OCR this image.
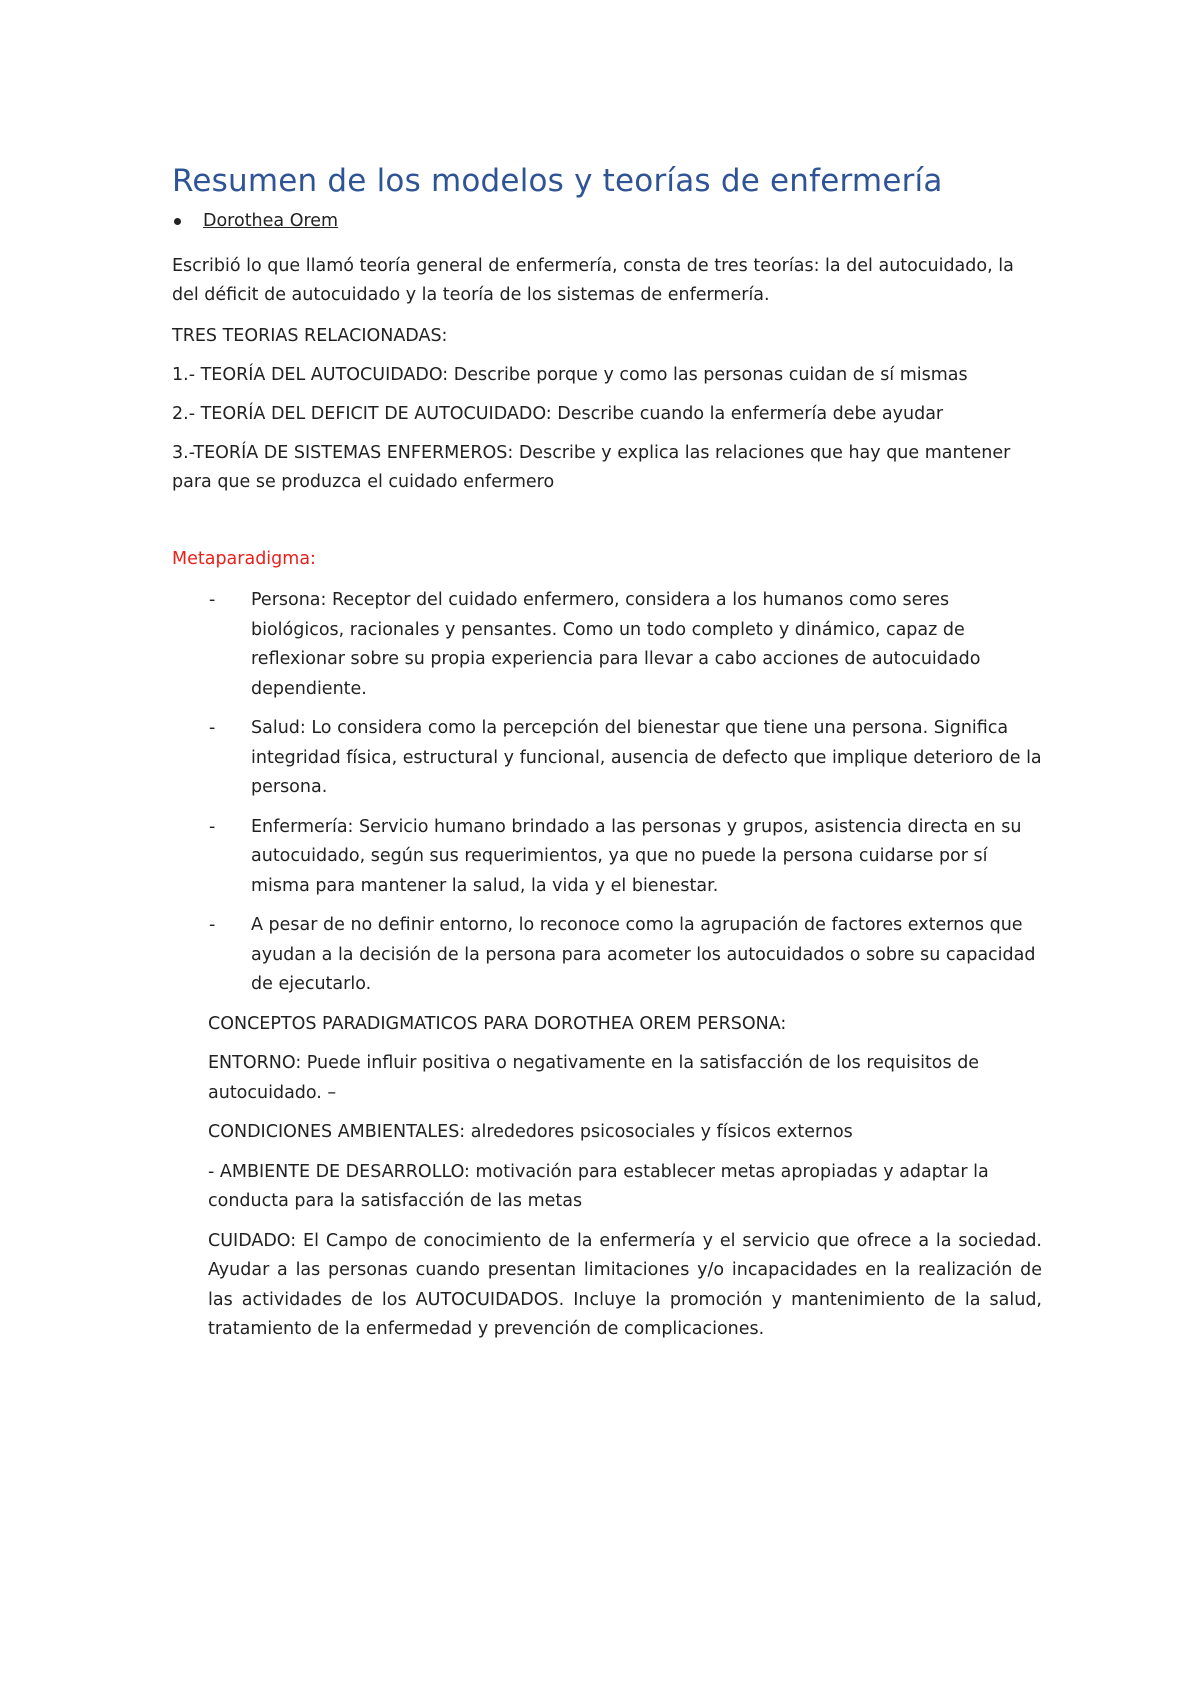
Resumen de los modelos y teorías de enfermería
Dorothea Orem

Escribió lo que llamó teoría general de enfermería, consta de tres teorías: la del autocuidado, la del déficit de autocuidado y la teoría de los sistemas de enfermería.

TRES TEORIAS RELACIONADAS:

1.- TEORÍA DEL AUTOCUIDADO: Describe porque y como las personas cuidan de sí mismas

2.- TEORÍA DEL DEFICIT DE AUTOCUIDADO: Describe cuando la enfermería debe ayudar

3.-TEORÍA DE SISTEMAS ENFERMEROS: Describe y explica las relaciones que hay que mantener para que se produzca el cuidado enfermero

Metaparadigma:

-	Persona: Receptor del cuidado enfermero, considera a los humanos como seres biológicos, racionales y pensantes. Como un todo completo y dinámico, capaz de reflexionar sobre su propia experiencia para llevar a cabo acciones de autocuidado dependiente.
-	Salud: Lo considera como la percepción del bienestar que tiene una persona. Significa integridad física, estructural y funcional, ausencia de defecto que implique deterioro de la persona.
-	Enfermería: Servicio humano brindado a las personas y grupos, asistencia directa en su autocuidado, según sus requerimientos, ya que no puede la persona cuidarse por sí misma para mantener la salud, la vida y el bienestar.
-	A pesar de no definir entorno, lo reconoce como la agrupación de factores externos que ayudan a la decisión de la persona para acometer los autocuidados o sobre su capacidad de ejecutarlo.

CONCEPTOS PARADIGMATICOS PARA DOROTHEA OREM PERSONA:

ENTORNO: Puede influir positiva o negativamente en la satisfacción de los requisitos de autocuidado. –

CONDICIONES AMBIENTALES: alrededores psicosociales y físicos externos

- AMBIENTE DE DESARROLLO: motivación para establecer metas apropiadas y adaptar la conducta para la satisfacción de las metas

CUIDADO: El Campo de conocimiento de la enfermería y el servicio que ofrece a la sociedad. Ayudar a las personas cuando presentan limitaciones y/o incapacidades en la realización de las actividades de los AUTOCUIDADOS. Incluye la promoción y mantenimiento de la salud, tratamiento de la enfermedad y prevención de complicaciones.
